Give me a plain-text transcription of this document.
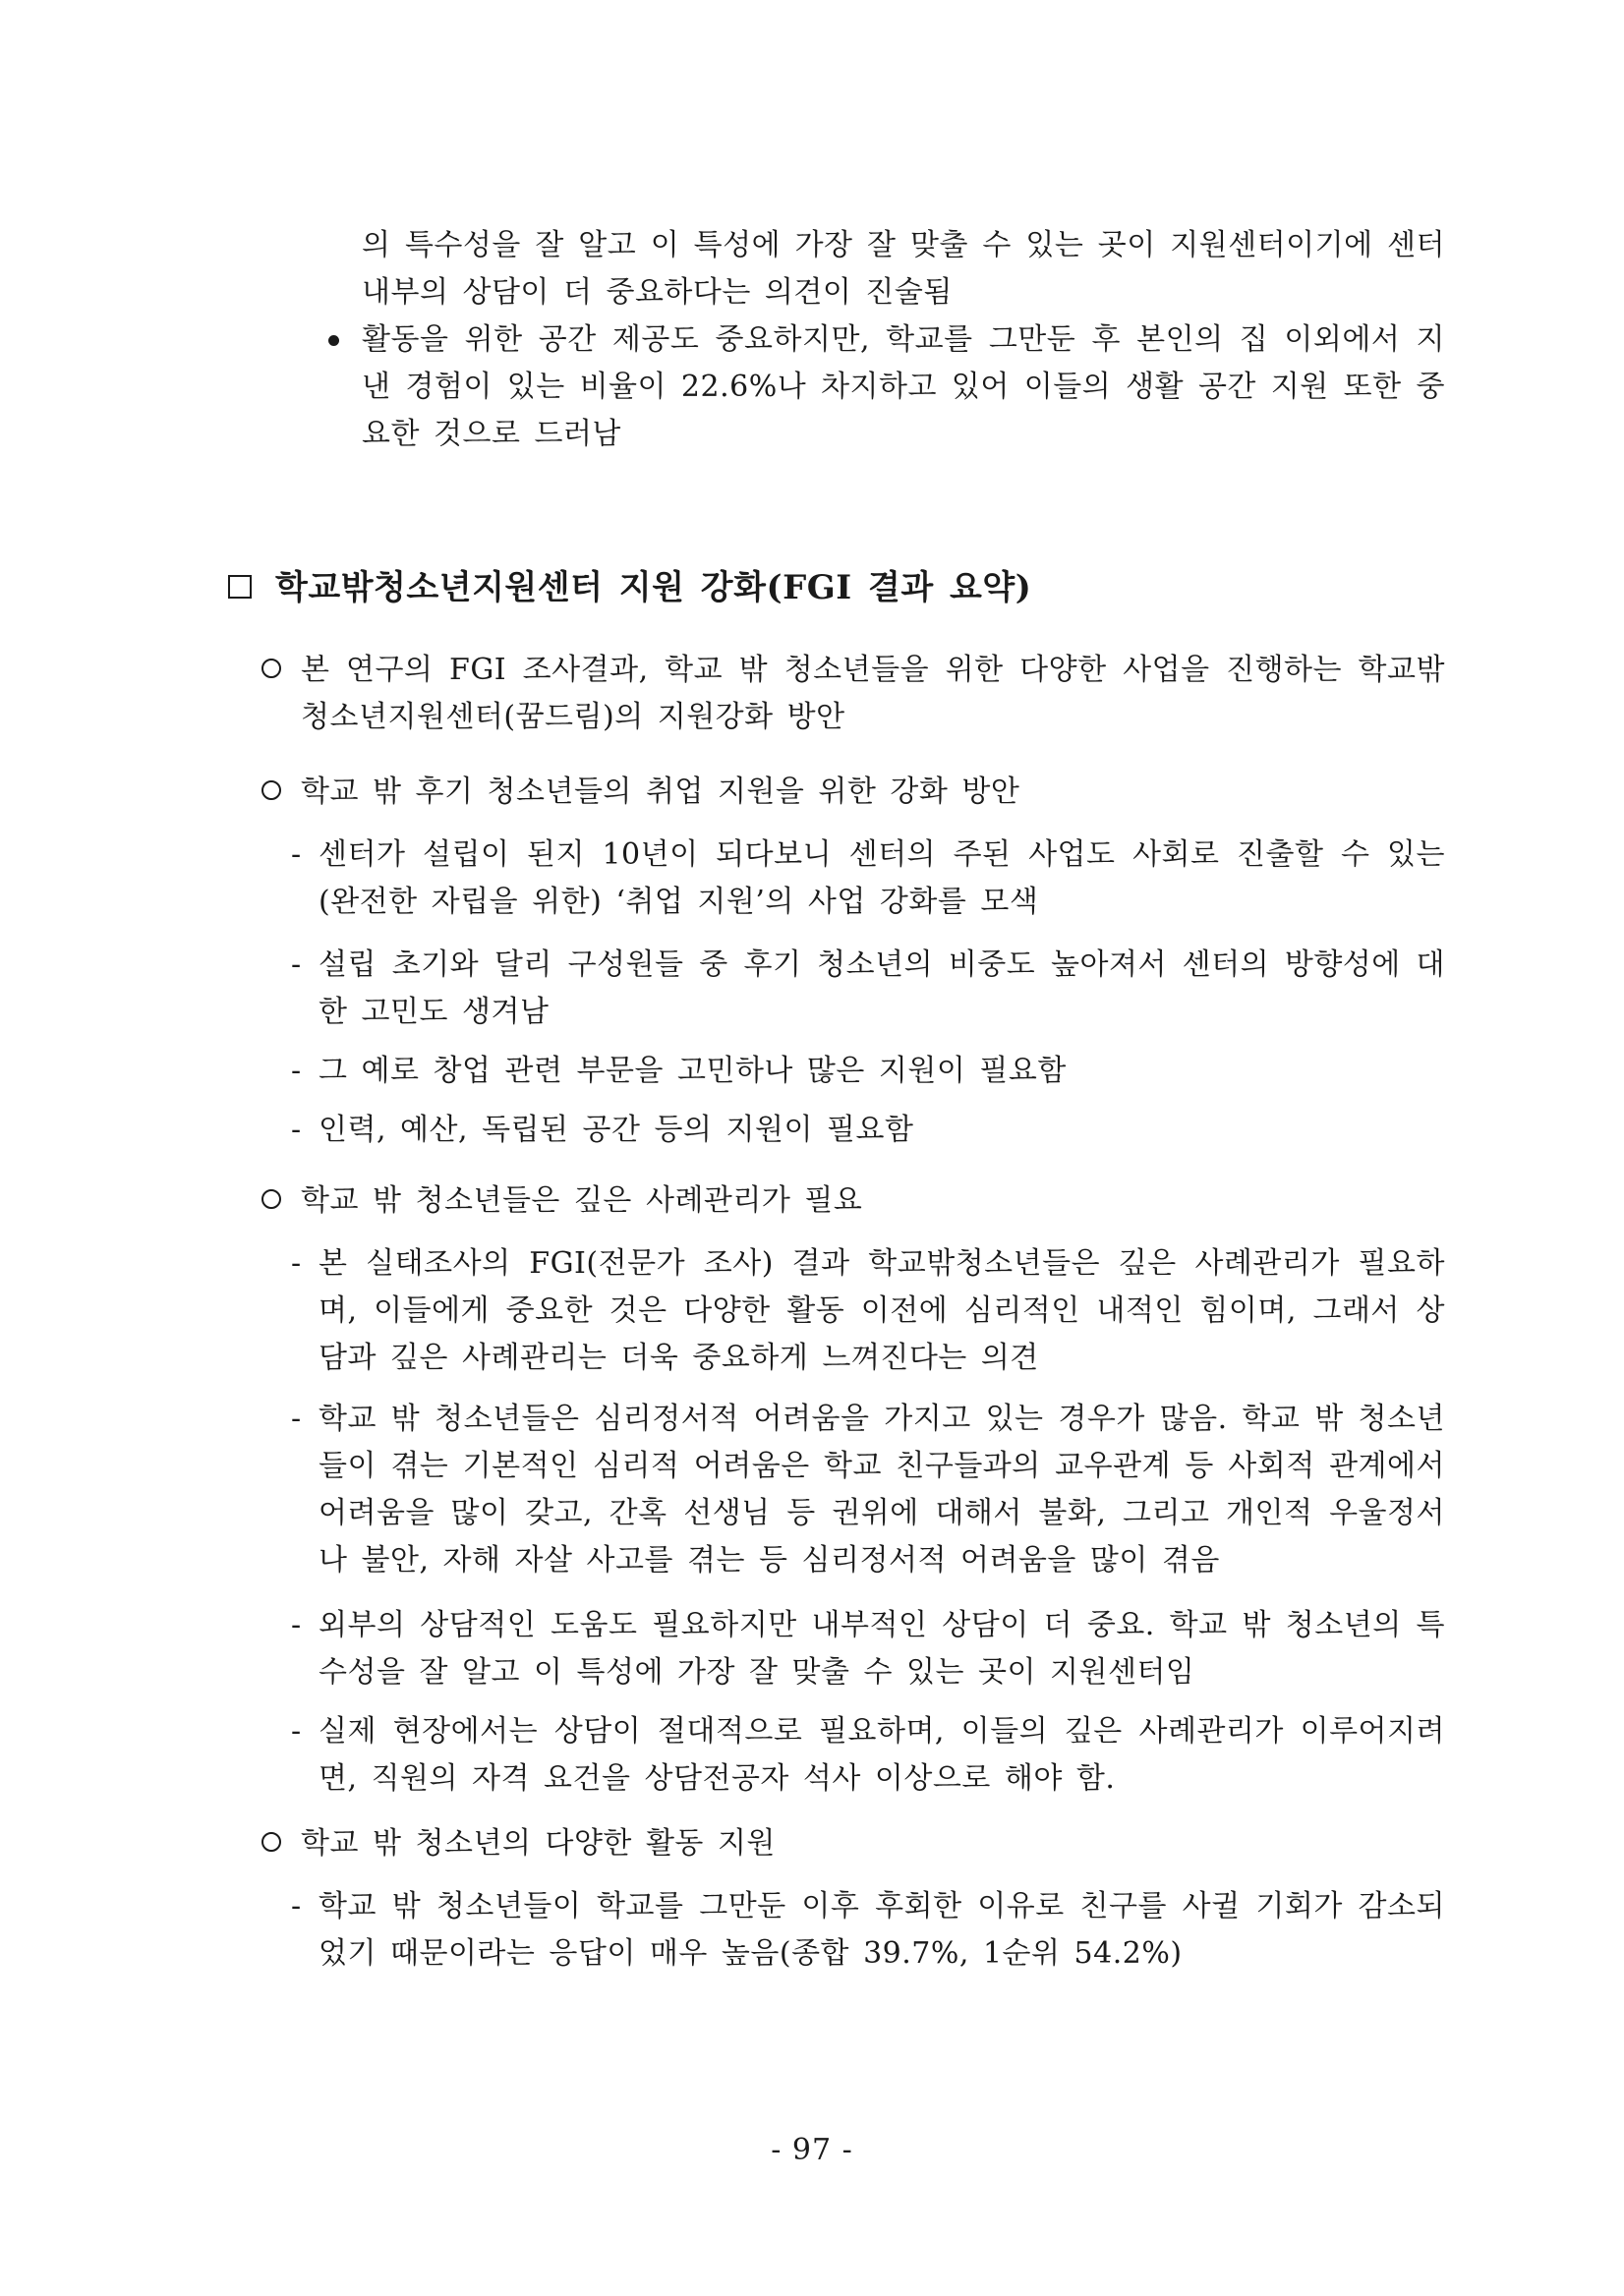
의 특수성을 잘 알고 이 특성에 가장 잘 맞출 수 있는 곳이 지원센터이기에 센터 내부의 상담이 더 중요하다는 의견이 진술됨
활동을 위한 공간 제공도 중요하지만, 학교를 그만둔 후 본인의 집 이외에서 지낸 경험이 있는 비율이 22.6%나 차지하고 있어 이들의 생활 공간 지원 또한 중요한 것으로 드러남
학교밖청소년지원센터 지원 강화(FGI 결과 요약)
본 연구의 FGI 조사결과, 학교 밖 청소년들을 위한 다양한 사업을 진행하는 학교밖청소년지원센터(꿈드림)의 지원강화 방안
학교 밖 후기 청소년들의 취업 지원을 위한 강화 방안
- 센터가 설립이 된지 10년이 되다보니 센터의 주된 사업도 사회로 진출할 수 있는(완전한 자립을 위한) ‘취업 지원’의 사업 강화를 모색
- 설립 초기와 달리 구성원들 중 후기 청소년의 비중도 높아져서 센터의 방향성에 대한 고민도 생겨남
- 그 예로 창업 관련 부문을 고민하나 많은 지원이 필요함
- 인력, 예산, 독립된 공간 등의 지원이 필요함
학교 밖 청소년들은 깊은 사례관리가 필요
- 본 실태조사의 FGI(전문가 조사) 결과 학교밖청소년들은 깊은 사례관리가 필요하며, 이들에게 중요한 것은 다양한 활동 이전에 심리적인 내적인 힘이며, 그래서 상담과 깊은 사례관리는 더욱 중요하게 느껴진다는 의견
- 학교 밖 청소년들은 심리정서적 어려움을 가지고 있는 경우가 많음. 학교 밖 청소년들이 겪는 기본적인 심리적 어려움은 학교 친구들과의 교우관계 등 사회적 관계에서 어려움을 많이 갖고, 간혹 선생님 등 권위에 대해서 불화, 그리고 개인적 우울정서나 불안, 자해 자살 사고를 겪는 등 심리정서적 어려움을 많이 겪음
- 외부의 상담적인 도움도 필요하지만 내부적인 상담이 더 중요. 학교 밖 청소년의 특수성을 잘 알고 이 특성에 가장 잘 맞출 수 있는 곳이 지원센터임
- 실제 현장에서는 상담이 절대적으로 필요하며, 이들의 깊은 사례관리가 이루어지려면, 직원의 자격 요건을 상담전공자 석사 이상으로 해야 함.
학교 밖 청소년의 다양한 활동 지원
- 학교 밖 청소년들이 학교를 그만둔 이후 후회한 이유로 친구를 사귈 기회가 감소되었기 때문이라는 응답이 매우 높음(종합 39.7%, 1순위 54.2%)
- 97 -
